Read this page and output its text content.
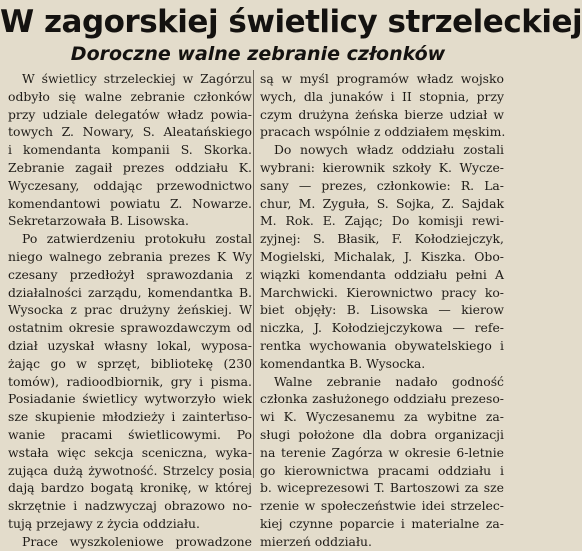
W zagorskiej świetlicy strzeleckiej
Doroczne walne zebranie członków
W świetlicy strzeleckiej w Zagórzu
odbyło się walne zebranie członków
przy udziale delegatów władz powia-
towych Z. Nowary, S. Aleatańskiego
i komendanta kompanii S. Skorka.
Zebranie zagaił prezes oddziału K.
Wyczesany, oddając przewodnictwo
komendantowi powiatu Z. Nowarze.
Sekretarzowała B. Lisowska.
Po zatwierdzeniu protokułu zostal
niego walnego zebrania prezes K Wy
czesany przedłożył sprawozdania z
działalności zarządu, komendantka B.
Wysocka z prac drużyny żeńskiej. W
ostatnim okresie sprawozdawczym od
dział uzyskał własny lokal, wyposa-
żając go w sprzęt, bibliotekę (230
tomów), radioodbiornik, gry i pisma.
Posiadanie świetlicy wytworzyło wiek
sze skupienie młodzieży i zainterեso-
wanie pracami świetlicowymi. Po
wstała więc sekcja sceniczna, wyka-
zująca dużą żywotność. Strzelcy posia
dają bardzo bogatą kronikę, w której
skrzętnie i nadzwyczaj obrazowo no-
tują przejawy z życia oddziału.
Prace wyszkoleniowe prowadzone
są w myśl programów władz wojsko
wych, dla junaków i II stopnia, przy
czym drużyna żeńska bierze udział w
pracach wspólnie z oddziałem męskim.
Do nowych władz oddziału zostali
wybrani: kierownik szkoły K. Wycze-
sany — prezes, członkowie: R. La-
chur, M. Zyguła, S. Sojka, Z. Sajdak
M. Rok. E. Zając; Do komisji rewi-
zyjnej: S. Błasik, F. Kołodziejczyk,
Mogielski, Michalak, J. Kiszka. Obo-
wiązki komendanta oddziału pełni A
Marchwicki. Kierownictwo pracy ko-
biet objęły: B. Lisowska — kierow
niczka, J. Kołodziejczykowa — refe-
rentka wychowania obywatelskiego i
komendantka B. Wysocka.
Walne zebranie nadało godność
członka zasłużonego oddziału prezeso-
wi K. Wyczesanemu za wybitne za-
sługi położone dla dobra organizacji
na terenie Zagórza w okresie 6-letnie
go kierownictwa pracami oddziału i
b. wiceprezesowi T. Bartoszowi za sze
rzenie w społeczeństwie idei strzelec-
kiej czynne poparcie i materialne za-
mierzeń oddziału.
